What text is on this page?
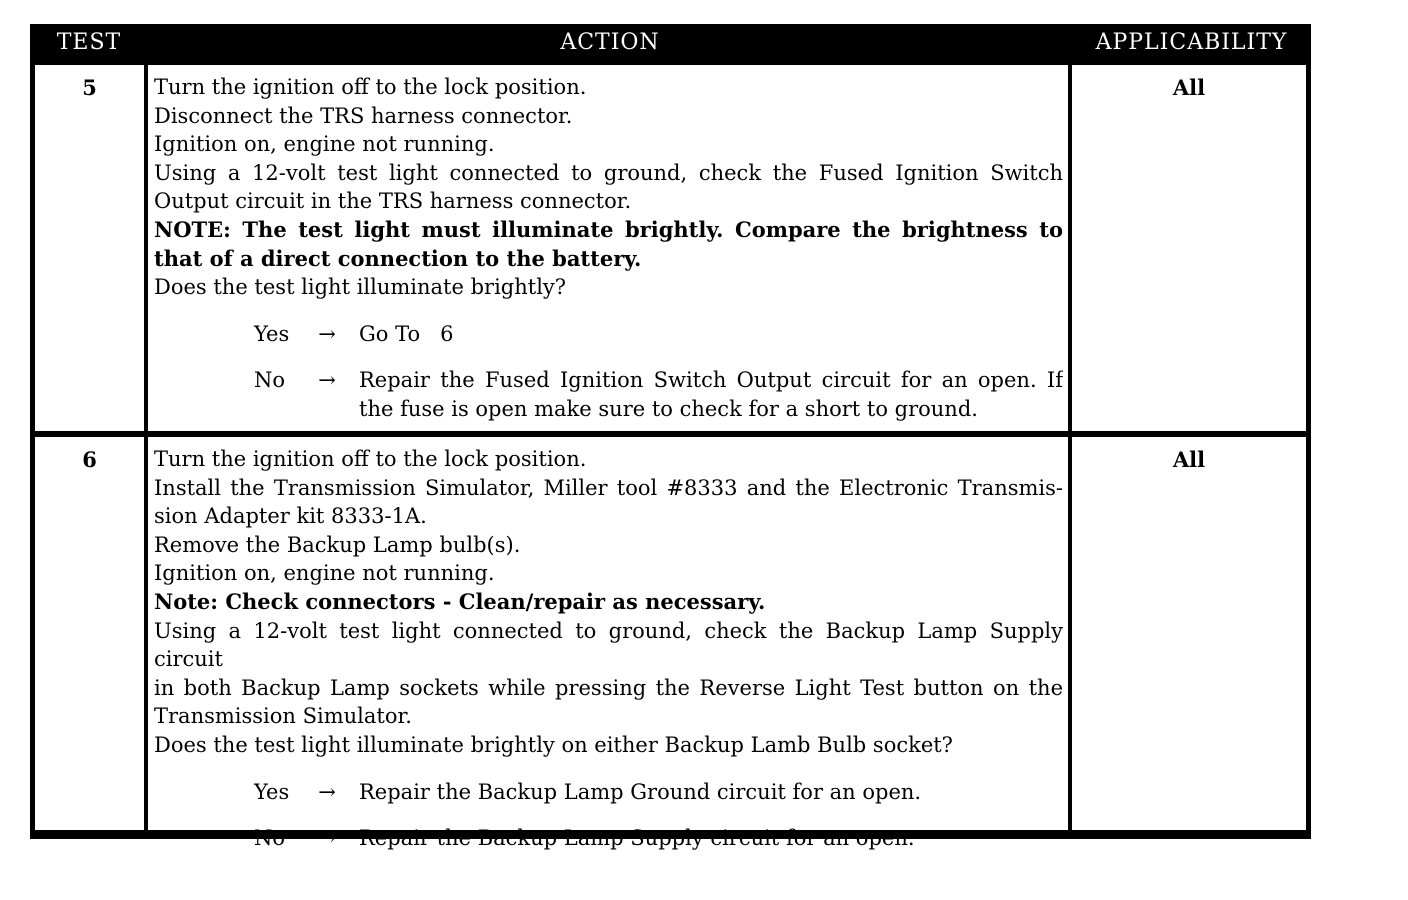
TEST	ACTION	APPLICABILITY
5	Turn the ignition off to the lock position.
Disconnect the TRS harness connector.
Ignition on, engine not running.
Using a 12-volt test light connected to ground, check the Fused Ignition Switch
Output circuit in the TRS harness connector.
NOTE: The test light must illuminate brightly. Compare the brightness to
that of a direct connection to the battery.
Does the test light illuminate brightly?
Yes	→ Go To   6
No	→ Repair the Fused Ignition Switch Output circuit for an open. If
the fuse is open make sure to check for a short to ground.
All
6	Turn the ignition off to the lock position.
Install the Transmission Simulator, Miller tool #8333 and the Electronic Transmis-
sion Adapter kit 8333-1A.
Remove the Backup Lamp bulb(s).
Ignition on, engine not running.
Note: Check connectors - Clean/repair as necessary.
Using a 12-volt test light connected to ground, check the Backup Lamp Supply circuit
in both Backup Lamp sockets while pressing the Reverse Light Test button on the
Transmission Simulator.
Does the test light illuminate brightly on either Backup Lamb Bulb socket?
Yes	→ Repair the Backup Lamp Ground circuit for an open.
No	→ Repair the Backup Lamp Supply circuit for an open.
All
